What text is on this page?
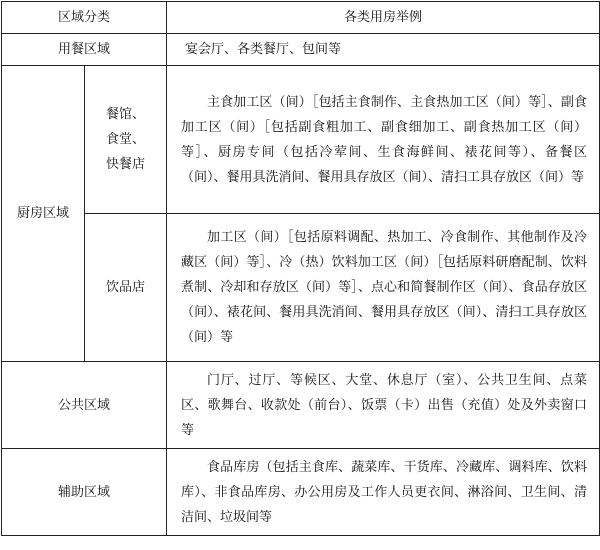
区域分类		各类用房举例
用餐区域		宴会厅、各类餐厅、包间等
厨房区域	餐馆、
食堂、
快餐店	主食加工区（间）［包括主食制作、主食热加工区（间）等］、副食加工区（间）［包括副食粗加工、副食细加工、副食热加工区（间）等］、厨房专间（包括冷荤间、生食海鲜间、裱花间等）、备餐区（间）、餐用具洗消间、餐用具存放区（间）、清扫工具存放区（间）等
	饮品店	加工区（间）［包括原料调配、热加工、冷食制作、其他制作及冷藏区（间）等］、冷（热）饮料加工区（间）［包括原料研磨配制、饮料煮制、冷却和存放区（间）等］、点心和简餐制作区（间）、食品存放区（间）、裱花间、餐用具洗消间、餐用具存放区（间）、清扫工具存放区（间）等
公共区域		门厅、过厅、等候区、大堂、休息厅（室）、公共卫生间、点菜区、歌舞台、收款处（前台）、饭票（卡）出售（充值）处及外卖窗口等
辅助区域		食品库房（包括主食库、蔬菜库、干货库、冷藏库、调料库、饮料库）、非食品库房、办公用房及工作人员更衣间、淋浴间、卫生间、清洁间、垃圾间等
